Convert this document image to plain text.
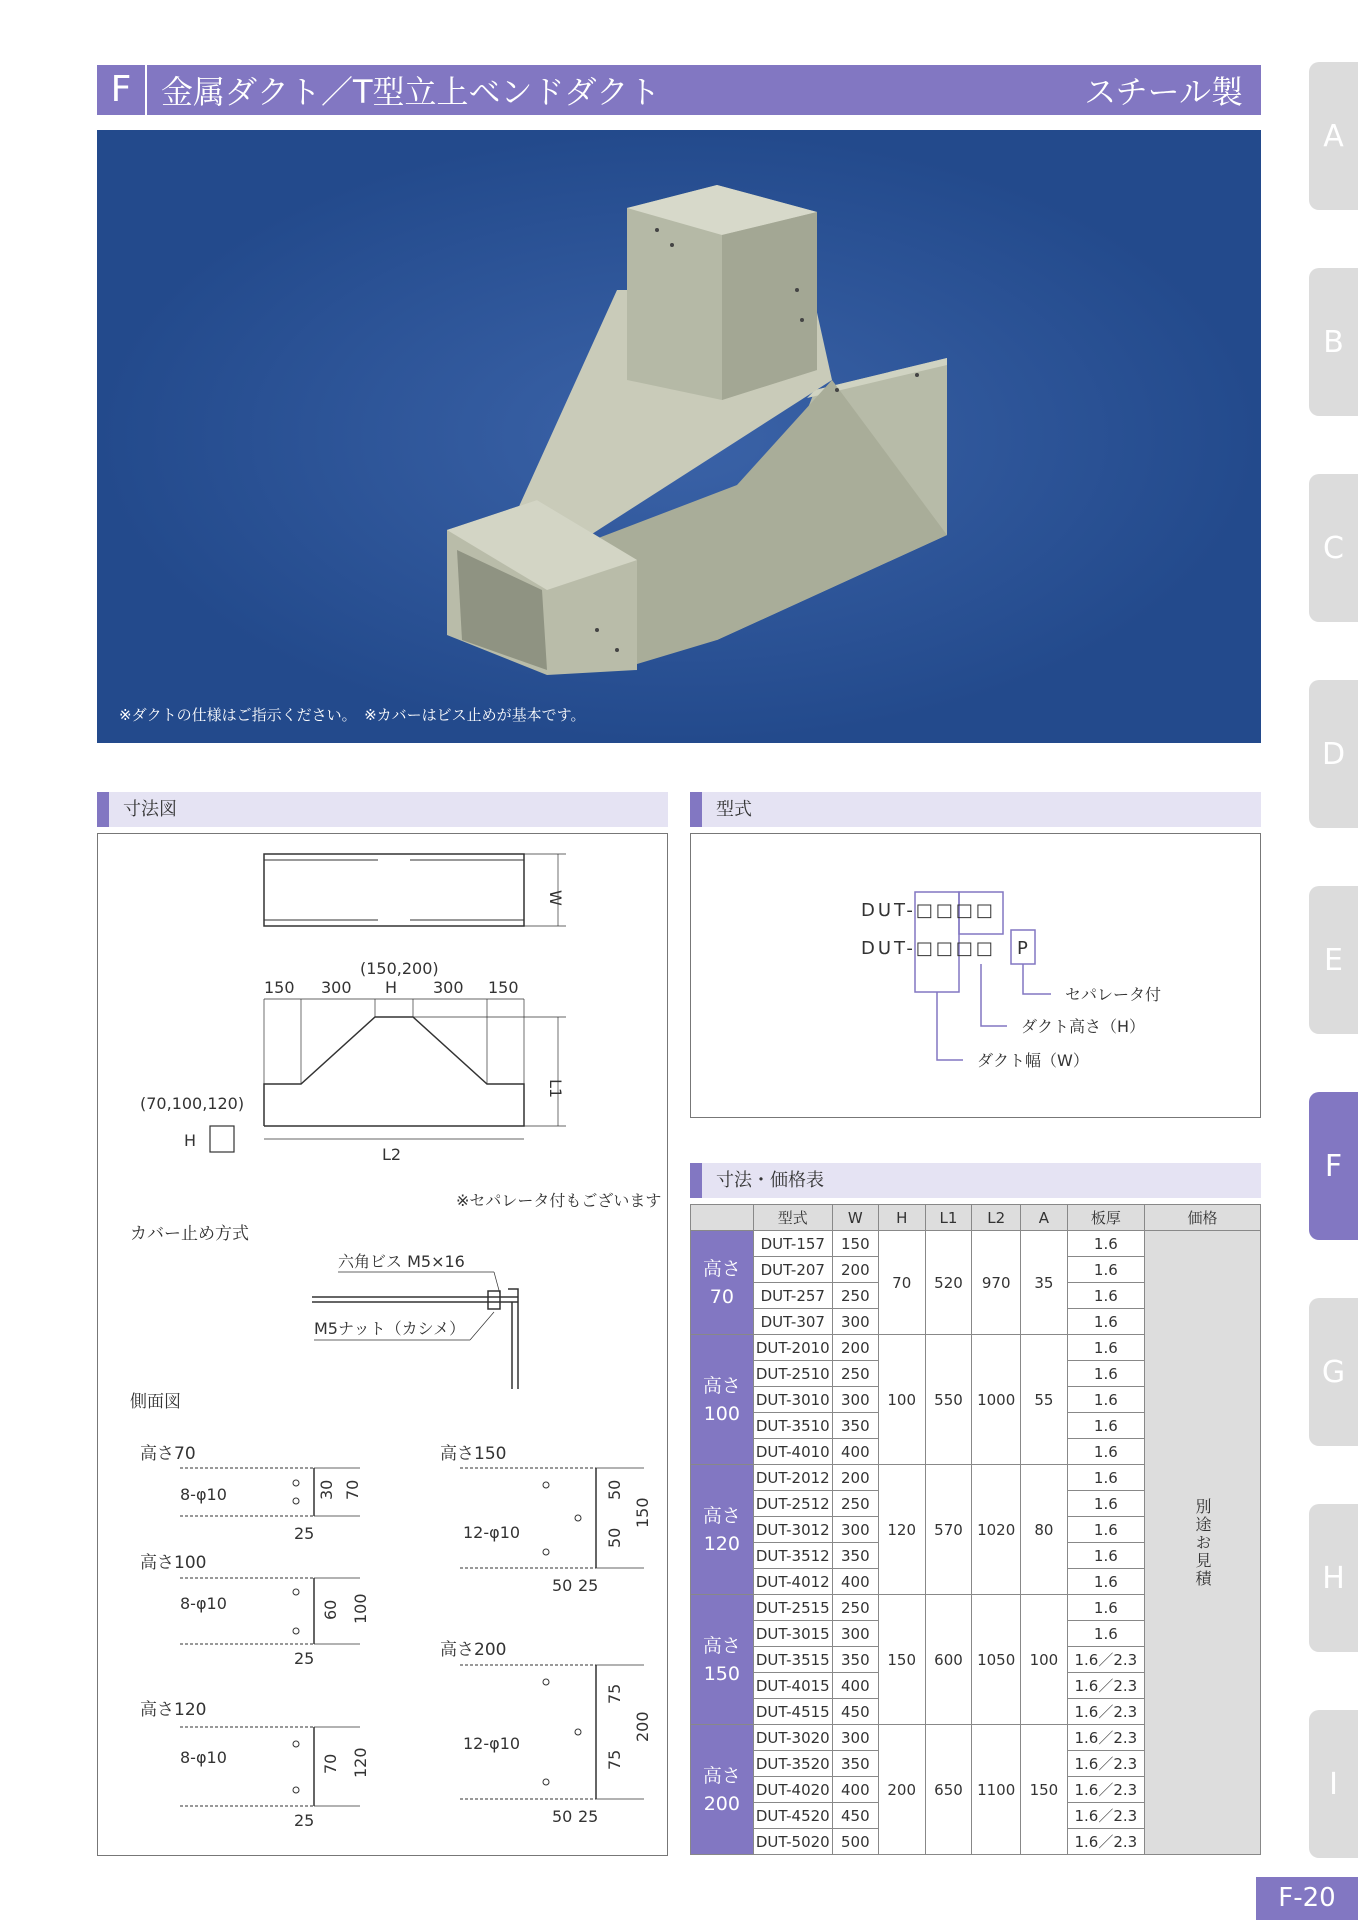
F 金属ダクト／T型立上ベンドダクト	スチール製
A
B
C
D
E
F
G
H
I
※ダクトの仕様はご指示ください。　※カバーはビス止めが基本です。
寸法図	型式
寸法・価格表
W
(150,200)
150 300 H 300 150
L1
L2
(70,100,120)
H
※セパレータ付もございます
カバー止め方式
六角ビス M5×16
M5ナット（カシメ）
側面図
高さ70
8-φ10	30 70
25
高さ100
8-φ10	60 100
25
高さ120
8-φ10	70 120
25
高さ150
12-φ10
50
50
150
50 25
高さ200
12-φ10
75
75
200
50 25
DUT-□□□□
DUT-□□□□ P
セパレータ付
ダクト高さ（H）
ダクト幅（W）
	型式	W	H	L1	L2	A	板厚	価格

高さ
70	DUT-157	150	70	520	970	35	1.6	別途お見積
	DUT-207	200					1.6	
	DUT-257	250					1.6	
	DUT-307	300					1.6	

高さ
100	DUT-2010	200	100	550	1000	55	1.6	
	DUT-2510	250					1.6	
	DUT-3010	300					1.6	
	DUT-3510	350					1.6	
	DUT-4010	400					1.6	

高さ
120	DUT-2012	200	120	570	1020	80	1.6	
	DUT-2512	250					1.6	
	DUT-3012	300					1.6	
	DUT-3512	350					1.6	
	DUT-4012	400					1.6	

高さ
150	DUT-2515	250	150	600	1050	100	1.6	
	DUT-3015	300					1.6	
	DUT-3515	350					1.6／2.3	
	DUT-4015	400					1.6／2.3	
	DUT-4515	450					1.6／2.3	

高さ
200	DUT-3020	300	200	650	1100	150	1.6／2.3	
	DUT-3520	350					1.6／2.3	
	DUT-4020	400					1.6／2.3	
	DUT-4520	450					1.6／2.3	
	DUT-5020	500					1.6／2.3	
F-20
